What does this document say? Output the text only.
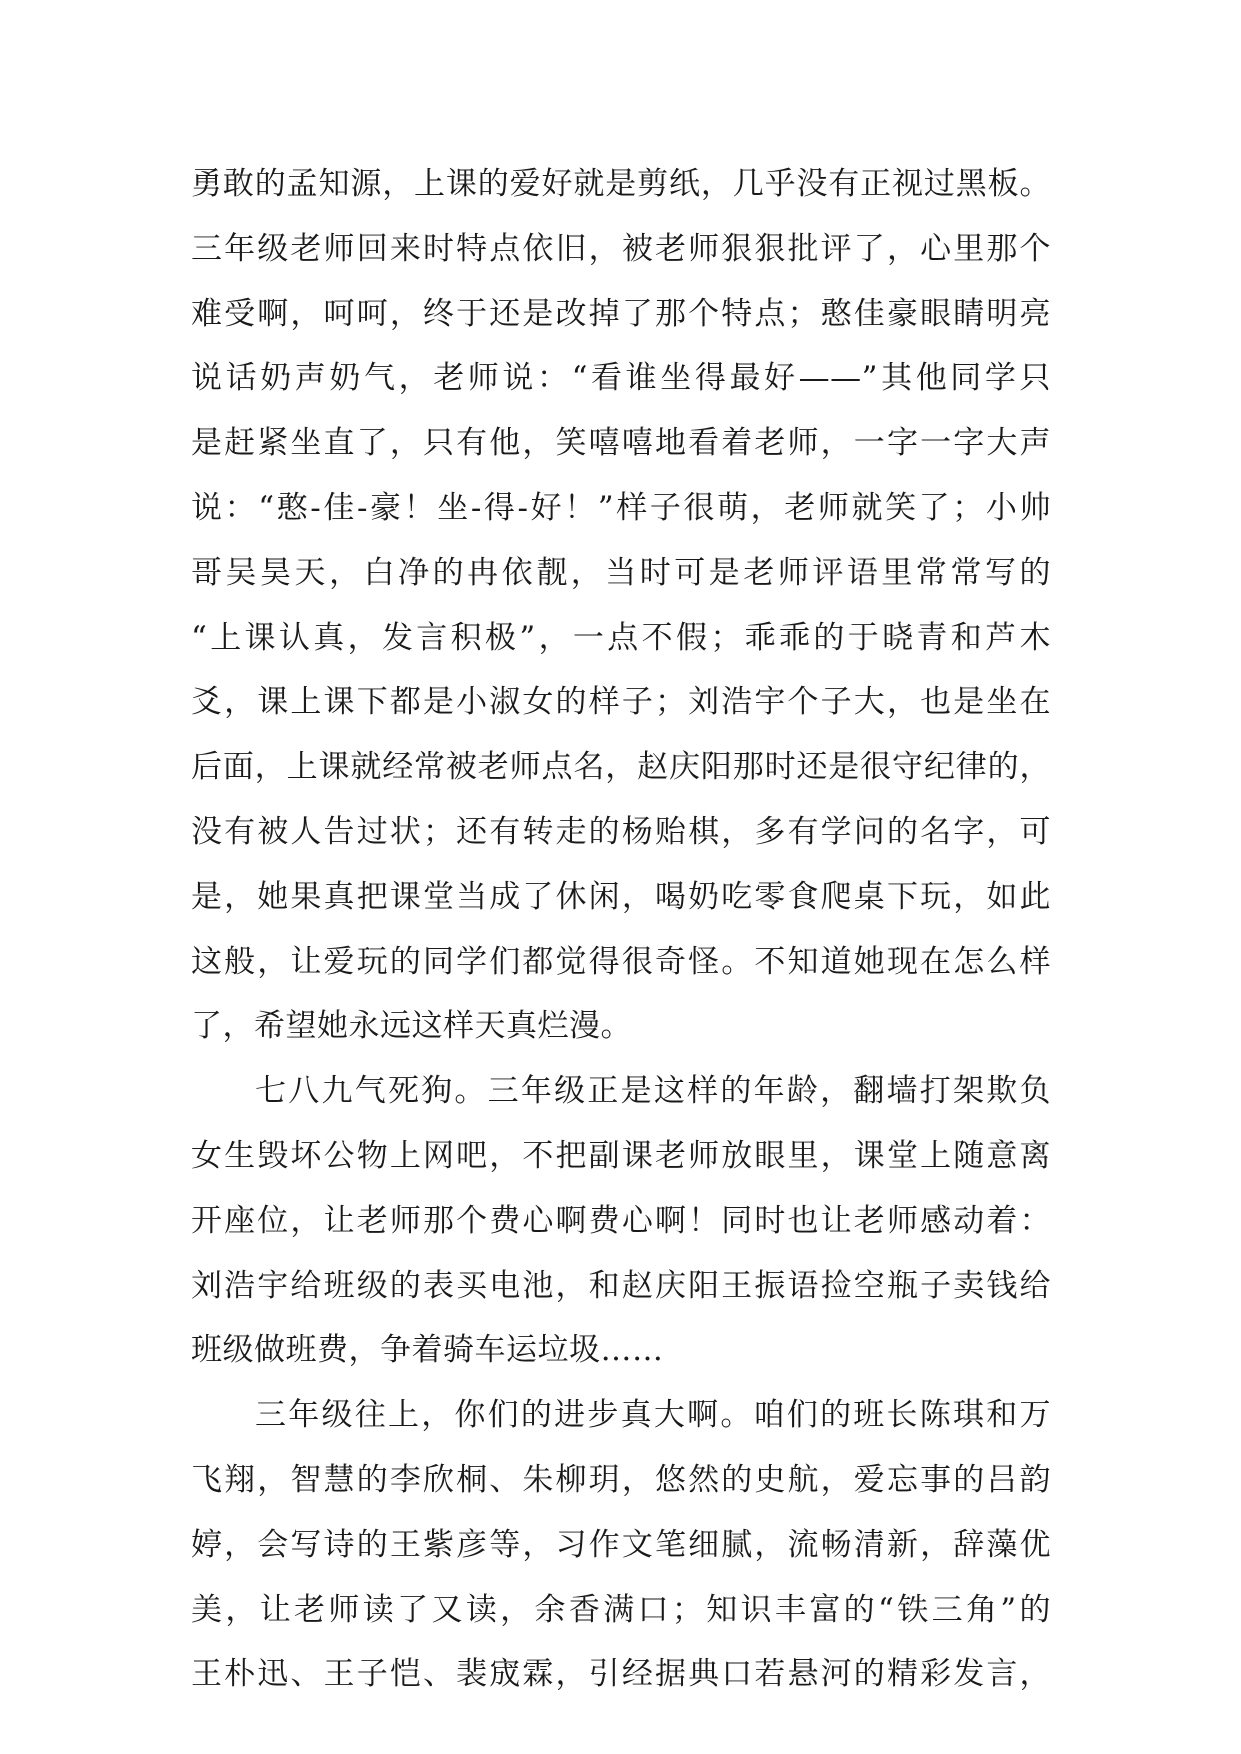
勇敢的孟知源，上课的爱好就是剪纸，几乎没有正视过黑板。
三年级老师回来时特点依旧，被老师狠狠批评了，心里那个
难受啊，呵呵，终于还是改掉了那个特点；憨佳豪眼睛明亮
说话奶声奶气，老师说：“看谁坐得最好——”其他同学只
是赶紧坐直了，只有他，笑嘻嘻地看着老师，一字一字大声
说：“憨-佳-豪！坐-得-好！”样子很萌，老师就笑了；小帅
哥吴昊天，白净的冉依靓，当时可是老师评语里常常写的
“上课认真，发言积极”，一点不假；乖乖的于晓青和芦木
爻，课上课下都是小淑女的样子；刘浩宇个子大，也是坐在
后面，上课就经常被老师点名，赵庆阳那时还是很守纪律的，
没有被人告过状；还有转走的杨贻棋，多有学问的名字，可
是，她果真把课堂当成了休闲，喝奶吃零食爬桌下玩，如此
这般，让爱玩的同学们都觉得很奇怪。不知道她现在怎么样
了，希望她永远这样天真烂漫。
七八九气死狗。三年级正是这样的年龄，翻墙打架欺负
女生毁坏公物上网吧，不把副课老师放眼里，课堂上随意离
开座位，让老师那个费心啊费心啊！同时也让老师感动着：
刘浩宇给班级的表买电池，和赵庆阳王振语捡空瓶子卖钱给
班级做班费，争着骑车运垃圾……
三年级往上，你们的进步真大啊。咱们的班长陈琪和万
飞翔，智慧的李欣桐、朱柳玥，悠然的史航，爱忘事的吕韵
婷，会写诗的王紫彦等，习作文笔细腻，流畅清新，辞藻优
美，让老师读了又读，余香满口；知识丰富的“铁三角”的
王朴迅、王子恺、裴宬霖，引经据典口若悬河的精彩发言，
